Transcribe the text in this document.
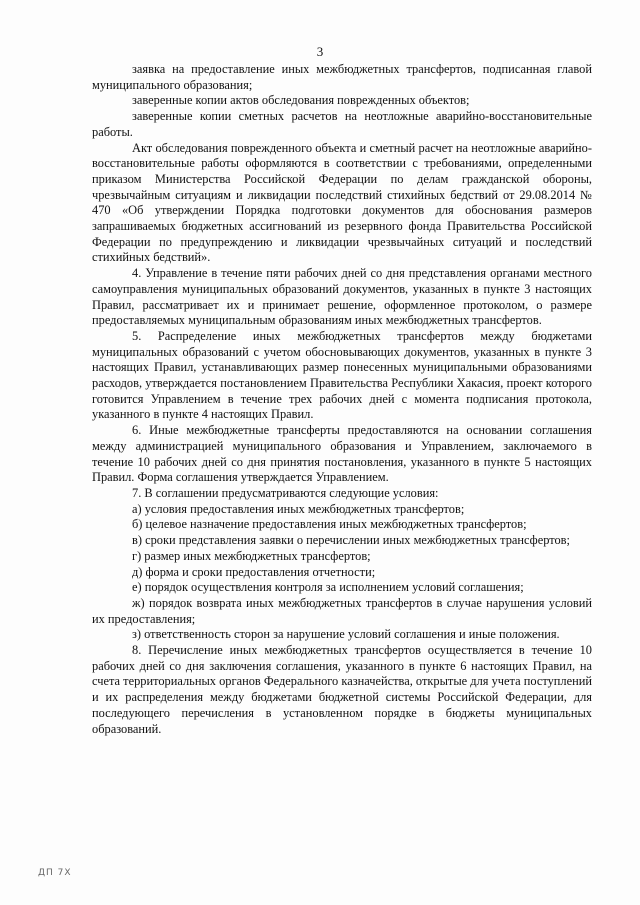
3

заявка на предоставление иных межбюджетных трансфертов, подписанная главой муниципального образования;

заверенные копии актов обследования поврежденных объектов;

заверенные копии сметных расчетов на неотложные аварийно-восстановительные работы.

Акт обследования поврежденного объекта и сметный расчет на неотложные аварийно-восстановительные работы оформляются в соответствии с требованиями, определенными приказом Министерства Российской Федерации по делам гражданской обороны, чрезвычайным ситуациям и ликвидации последствий стихийных бедствий от 29.08.2014 № 470 «Об утверждении Порядка подготовки документов для обоснования размеров запрашиваемых бюджетных ассигнований из резервного фонда Правительства Российской Федерации по предупреждению и ликвидации чрезвычайных ситуаций и последствий стихийных бедствий».

4. Управление в течение пяти рабочих дней со дня представления органами местного самоуправления муниципальных образований документов, указанных в пункте 3 настоящих Правил, рассматривает их и принимает решение, оформленное протоколом, о размере предоставляемых муниципальным образованиям иных межбюджетных трансфертов.

5. Распределение иных межбюджетных трансфертов между бюджетами муниципальных образований с учетом обосновывающих документов, указанных в пункте 3 настоящих Правил, устанавливающих размер понесенных муниципальными образованиями расходов, утверждается постановлением Правительства Республики Хакасия, проект которого готовится Управлением в течение трех рабочих дней с момента подписания протокола, указанного в пункте 4 настоящих Правил.

6. Иные межбюджетные трансферты предоставляются на основании соглашения между администрацией муниципального образования и Управлением, заключаемого в течение 10 рабочих дней со дня принятия постановления, указанного в пункте 5 настоящих Правил. Форма соглашения утверждается Управлением.

7. В соглашении предусматриваются следующие условия:

а) условия предоставления иных межбюджетных трансфертов;

б) целевое назначение предоставления иных межбюджетных трансфертов;

в) сроки представления заявки о перечислении иных межбюджетных трансфертов;

г) размер иных межбюджетных трансфертов;

д) форма и сроки предоставления отчетности;

е) порядок осуществления контроля за исполнением условий соглашения;

ж) порядок возврата иных межбюджетных трансфертов в случае нарушения условий их предоставления;

з) ответственность сторон за нарушение условий соглашения и иные положения.

8. Перечисление иных межбюджетных трансфертов осуществляется в течение 10 рабочих дней со дня заключения соглашения, указанного в пункте 6 настоящих Правил, на счета территориальных органов Федерального казначейства, открытые для учета поступлений и их распределения между бюджетами бюджетной системы Российской Федерации, для последующего перечисления в установленном порядке в бюджеты муниципальных образований.

ДП 7Х
